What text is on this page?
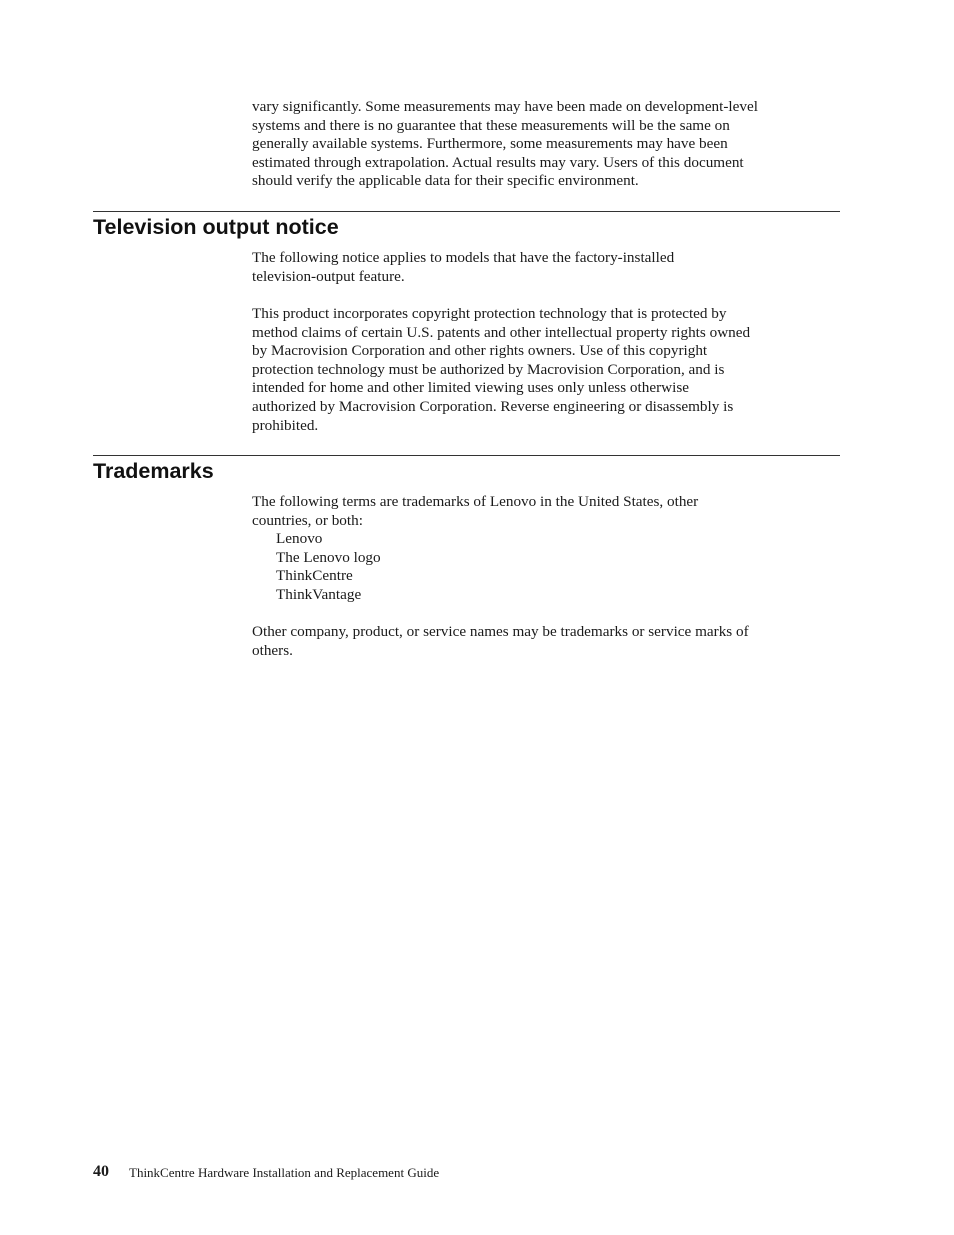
vary significantly. Some measurements may have been made on development-level
systems and there is no guarantee that these measurements will be the same on
generally available systems. Furthermore, some measurements may have been
estimated through extrapolation. Actual results may vary. Users of this document
should verify the applicable data for their specific environment.

Television output notice

The following notice applies to models that have the factory-installed
television-output feature.

This product incorporates copyright protection technology that is protected by
method claims of certain U.S. patents and other intellectual property rights owned
by Macrovision Corporation and other rights owners. Use of this copyright
protection technology must be authorized by Macrovision Corporation, and is
intended for home and other limited viewing uses only unless otherwise
authorized by Macrovision Corporation. Reverse engineering or disassembly is
prohibited.

Trademarks

The following terms are trademarks of Lenovo in the United States, other
countries, or both:

Lenovo
The Lenovo logo
ThinkCentre
ThinkVantage

Other company, product, or service names may be trademarks or service marks of
others.

40 ThinkCentre Hardware Installation and Replacement Guide
